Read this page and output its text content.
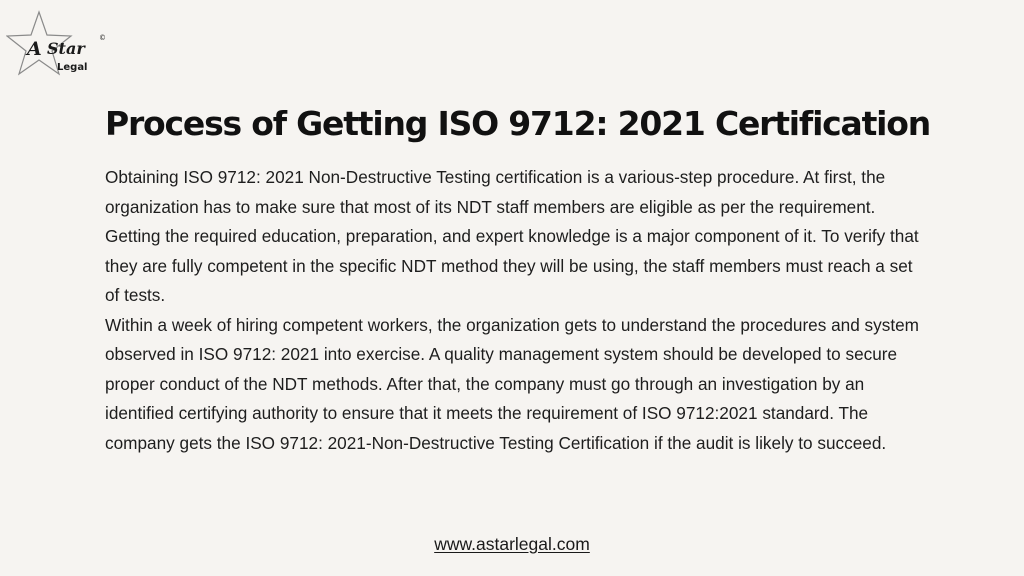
A Star
Legal
©
Process of Getting ISO 9712: 2021 Certification

Obtaining ISO 9712: 2021 Non-Destructive Testing certification is a various-step procedure. At first, the organization has to make sure that most of its NDT staff members are eligible as per the requirement. Getting the required education, preparation, and expert knowledge is a major component of it. To verify that they are fully competent in the specific NDT method they will be using, the staff members must reach a set of tests.

Within a week of hiring competent workers, the organization gets to understand the procedures and system observed in ISO 9712: 2021 into exercise. A quality management system should be developed to secure proper conduct of the NDT methods. After that, the company must go through an investigation by an identified certifying authority to ensure that it meets the requirement of ISO 9712:2021 standard. The company gets the ISO 9712: 2021-Non-Destructive Testing Certification if the audit is likely to succeed.

www.astarlegal.com
